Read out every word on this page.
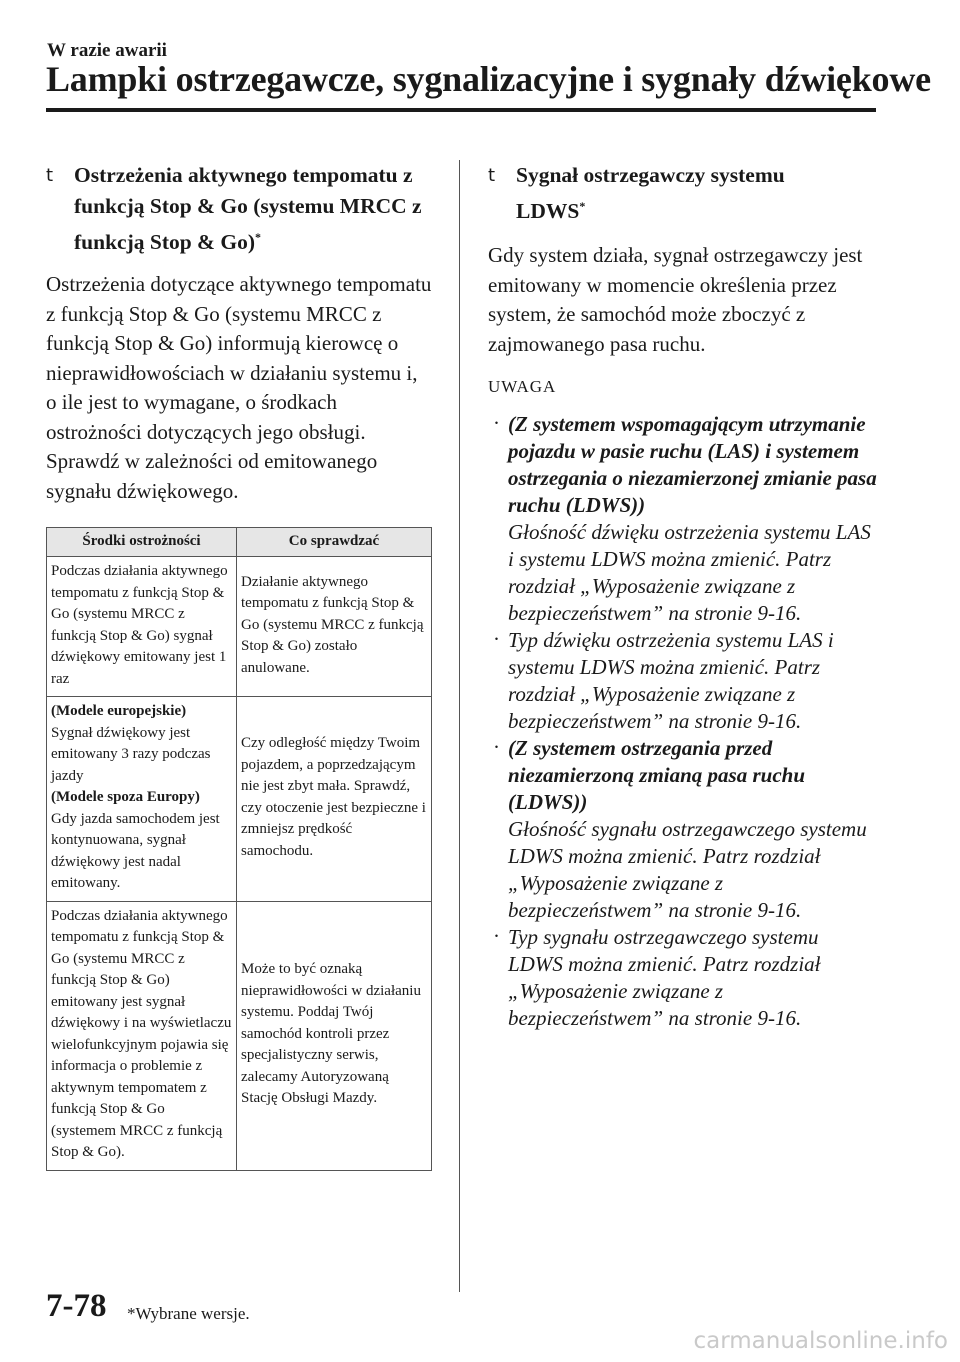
W razie awarii
Lampki ostrzegawcze, sygnalizacyjne i sygnały dźwiękowe
t Ostrzeżenia aktywnego tempomatu z funkcją Stop & Go (systemu MRCC z funkcją Stop & Go)*

Ostrzeżenia dotyczące aktywnego tempomatu z funkcją Stop & Go (systemu MRCC z funkcją Stop & Go) informują kierowcę o nieprawidłowościach w działaniu systemu i, o ile jest to wymagane, o środkach ostrożności dotyczących jego obsługi.

Sprawdź w zależności od emitowanego sygnału dźwiękowego.

Środki ostrożności	Co sprawdzać
Podczas działania aktywnego tempomatu z funkcją Stop & Go (systemu MRCC z funkcją Stop & Go) sygnał dźwiękowy emitowany jest 1 raz	Działanie aktywnego tempomatu z funkcją Stop & Go (systemu MRCC z funkcją Stop & Go) zostało anulowane.

(Modele europejskie)
Sygnał dźwiękowy jest emitowany 3 razy podczas jazdy
(Modele spoza Europy)
Gdy jazda samochodem jest kontynuowana, sygnał dźwiękowy jest nadal emitowany.	Czy odległość między Twoim pojazdem, a poprzedzającym nie jest zbyt mała. Sprawdź, czy otoczenie jest bezpieczne i zmniejsz prędkość samochodu.
Podczas działania aktywnego tempomatu z funkcją Stop & Go (systemu MRCC z funkcją Stop & Go) emitowany jest sygnał dźwiękowy i na wyświetlaczu wielofunkcyjnym pojawia się informacja o problemie z aktywnym tempomatem z funkcją Stop & Go (systemem MRCC z funkcją Stop & Go).	Może to być oznaką nieprawidłowości w działaniu systemu. Poddaj Twój samochód kontroli przez specjalistyczny serwis, zalecamy Autoryzowaną Stację Obsługi Mazdy.
t Sygnał ostrzegawczy systemu LDWS*

Gdy system działa, sygnał ostrzegawczy jest emitowany w momencie określenia przez system, że samochód może zboczyć z zajmowanego pasa ruchu.

UWAGA

· (Z systemem wspomagającym utrzymanie pojazdu w pasie ruchu (LAS) i systemem ostrzegania o niezamierzonej zmianie pasa ruchu (LDWS))
Głośność dźwięku ostrzeżenia systemu LAS i systemu LDWS można zmienić. Patrz rozdział „Wyposażenie związane z bezpieczeństwem” na stronie 9-16.
· Typ dźwięku ostrzeżenia systemu LAS i systemu LDWS można zmienić. Patrz rozdział „Wyposażenie związane z bezpieczeństwem” na stronie 9-16.
· (Z systemem ostrzegania przed niezamierzoną zmianą pasa ruchu (LDWS))
Głośność sygnału ostrzegawczego systemu LDWS można zmienić. Patrz rozdział „Wyposażenie związane z bezpieczeństwem” na stronie 9-16.
· Typ sygnału ostrzegawczego systemu LDWS można zmienić. Patrz rozdział „Wyposażenie związane z bezpieczeństwem” na stronie 9-16.
7-78 *Wybrane wersje.
carmanualsonline.info
